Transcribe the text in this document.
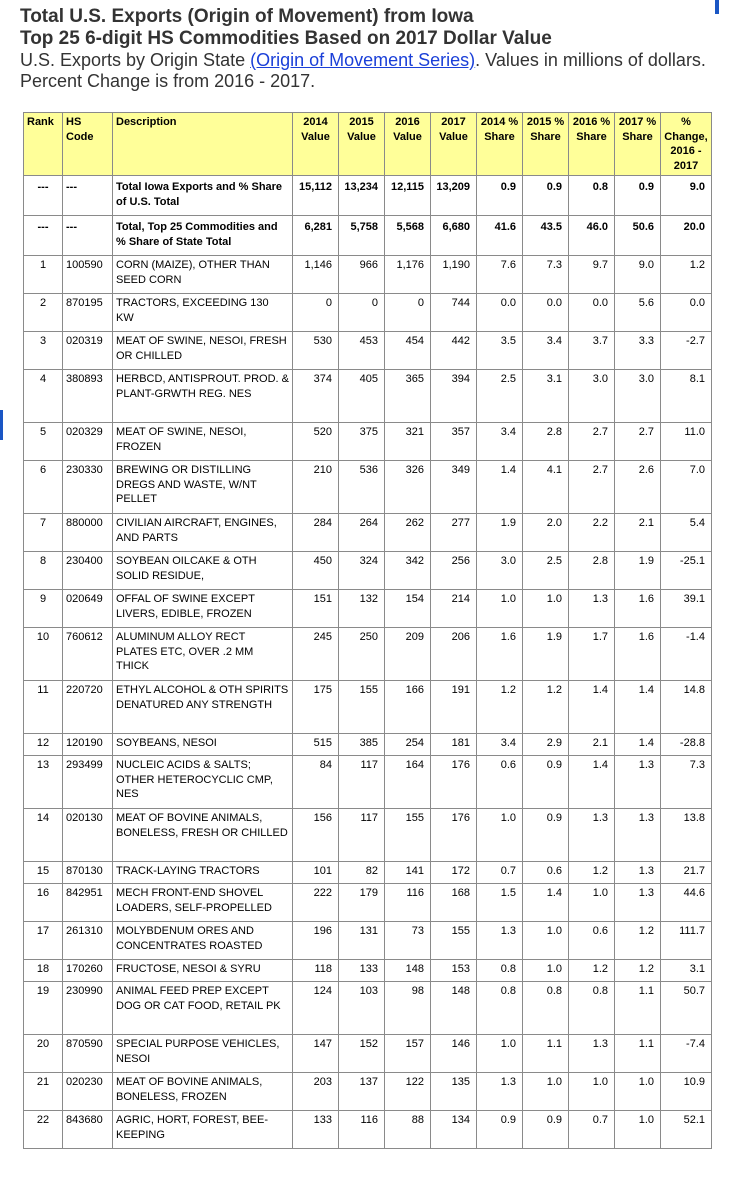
Total U.S. Exports (Origin of Movement) from Iowa
Top 25 6-digit HS Commodities Based on 2017 Dollar Value
U.S. Exports by Origin State (Origin of Movement Series). Values in millions of dollars. Percent Change is from 2016 - 2017.
Rank	HS Code	Description	2014 Value	2015 Value	2016 Value	2017 Value	2014 % Share	2015 % Share	2016 % Share	2017 % Share	% Change, 2016 - 2017
---	---	Total Iowa Exports and % Share of U.S. Total	15,112	13,234	12,115	13,209	0.9	0.9	0.8	0.9	9.0
---	---	Total, Top 25 Commodities and % Share of State Total	6,281	5,758	5,568	6,680	41.6	43.5	46.0	50.6	20.0
1	100590	CORN (MAIZE), OTHER THAN SEED CORN	1,146	966	1,176	1,190	7.6	7.3	9.7	9.0	1.2
2	870195	TRACTORS, EXCEEDING 130 KW	0	0	0	744	0.0	0.0	0.0	5.6	0.0
3	020319	MEAT OF SWINE, NESOI, FRESH OR CHILLED	530	453	454	442	3.5	3.4	3.7	3.3	-2.7
4	380893	HERBCD, ANTISPROUT. PROD. & PLANT-GRWTH REG. NES	374	405	365	394	2.5	3.1	3.0	3.0	8.1
5	020329	MEAT OF SWINE, NESOI, FROZEN	520	375	321	357	3.4	2.8	2.7	2.7	11.0
6	230330	BREWING OR DISTILLING DREGS AND WASTE, W/NT PELLET	210	536	326	349	1.4	4.1	2.7	2.6	7.0
7	880000	CIVILIAN AIRCRAFT, ENGINES, AND PARTS	284	264	262	277	1.9	2.0	2.2	2.1	5.4
8	230400	SOYBEAN OILCAKE & OTH SOLID RESIDUE,	450	324	342	256	3.0	2.5	2.8	1.9	-25.1
9	020649	OFFAL OF SWINE EXCEPT LIVERS, EDIBLE, FROZEN	151	132	154	214	1.0	1.0	1.3	1.6	39.1
10	760612	ALUMINUM ALLOY RECT PLATES ETC, OVER .2 MM THICK	245	250	209	206	1.6	1.9	1.7	1.6	-1.4
11	220720	ETHYL ALCOHOL & OTH SPIRITS DENATURED ANY STRENGTH	175	155	166	191	1.2	1.2	1.4	1.4	14.8
12	120190	SOYBEANS, NESOI	515	385	254	181	3.4	2.9	2.1	1.4	-28.8
13	293499	NUCLEIC ACIDS & SALTS; OTHER HETEROCYCLIC CMP, NES	84	117	164	176	0.6	0.9	1.4	1.3	7.3
14	020130	MEAT OF BOVINE ANIMALS, BONELESS, FRESH OR CHILLED	156	117	155	176	1.0	0.9	1.3	1.3	13.8
15	870130	TRACK-LAYING TRACTORS	101	82	141	172	0.7	0.6	1.2	1.3	21.7
16	842951	MECH FRONT-END SHOVEL LOADERS, SELF-PROPELLED	222	179	116	168	1.5	1.4	1.0	1.3	44.6
17	261310	MOLYBDENUM ORES AND CONCENTRATES ROASTED	196	131	73	155	1.3	1.0	0.6	1.2	111.7
18	170260	FRUCTOSE, NESOI & SYRU	118	133	148	153	0.8	1.0	1.2	1.2	3.1
19	230990	ANIMAL FEED PREP EXCEPT DOG OR CAT FOOD, RETAIL PK	124	103	98	148	0.8	0.8	0.8	1.1	50.7
20	870590	SPECIAL PURPOSE VEHICLES, NESOI	147	152	157	146	1.0	1.1	1.3	1.1	-7.4
21	020230	MEAT OF BOVINE ANIMALS, BONELESS, FROZEN	203	137	122	135	1.3	1.0	1.0	1.0	10.9
22	843680	AGRIC, HORT, FOREST, BEE-KEEPING	133	116	88	134	0.9	0.9	0.7	1.0	52.1
